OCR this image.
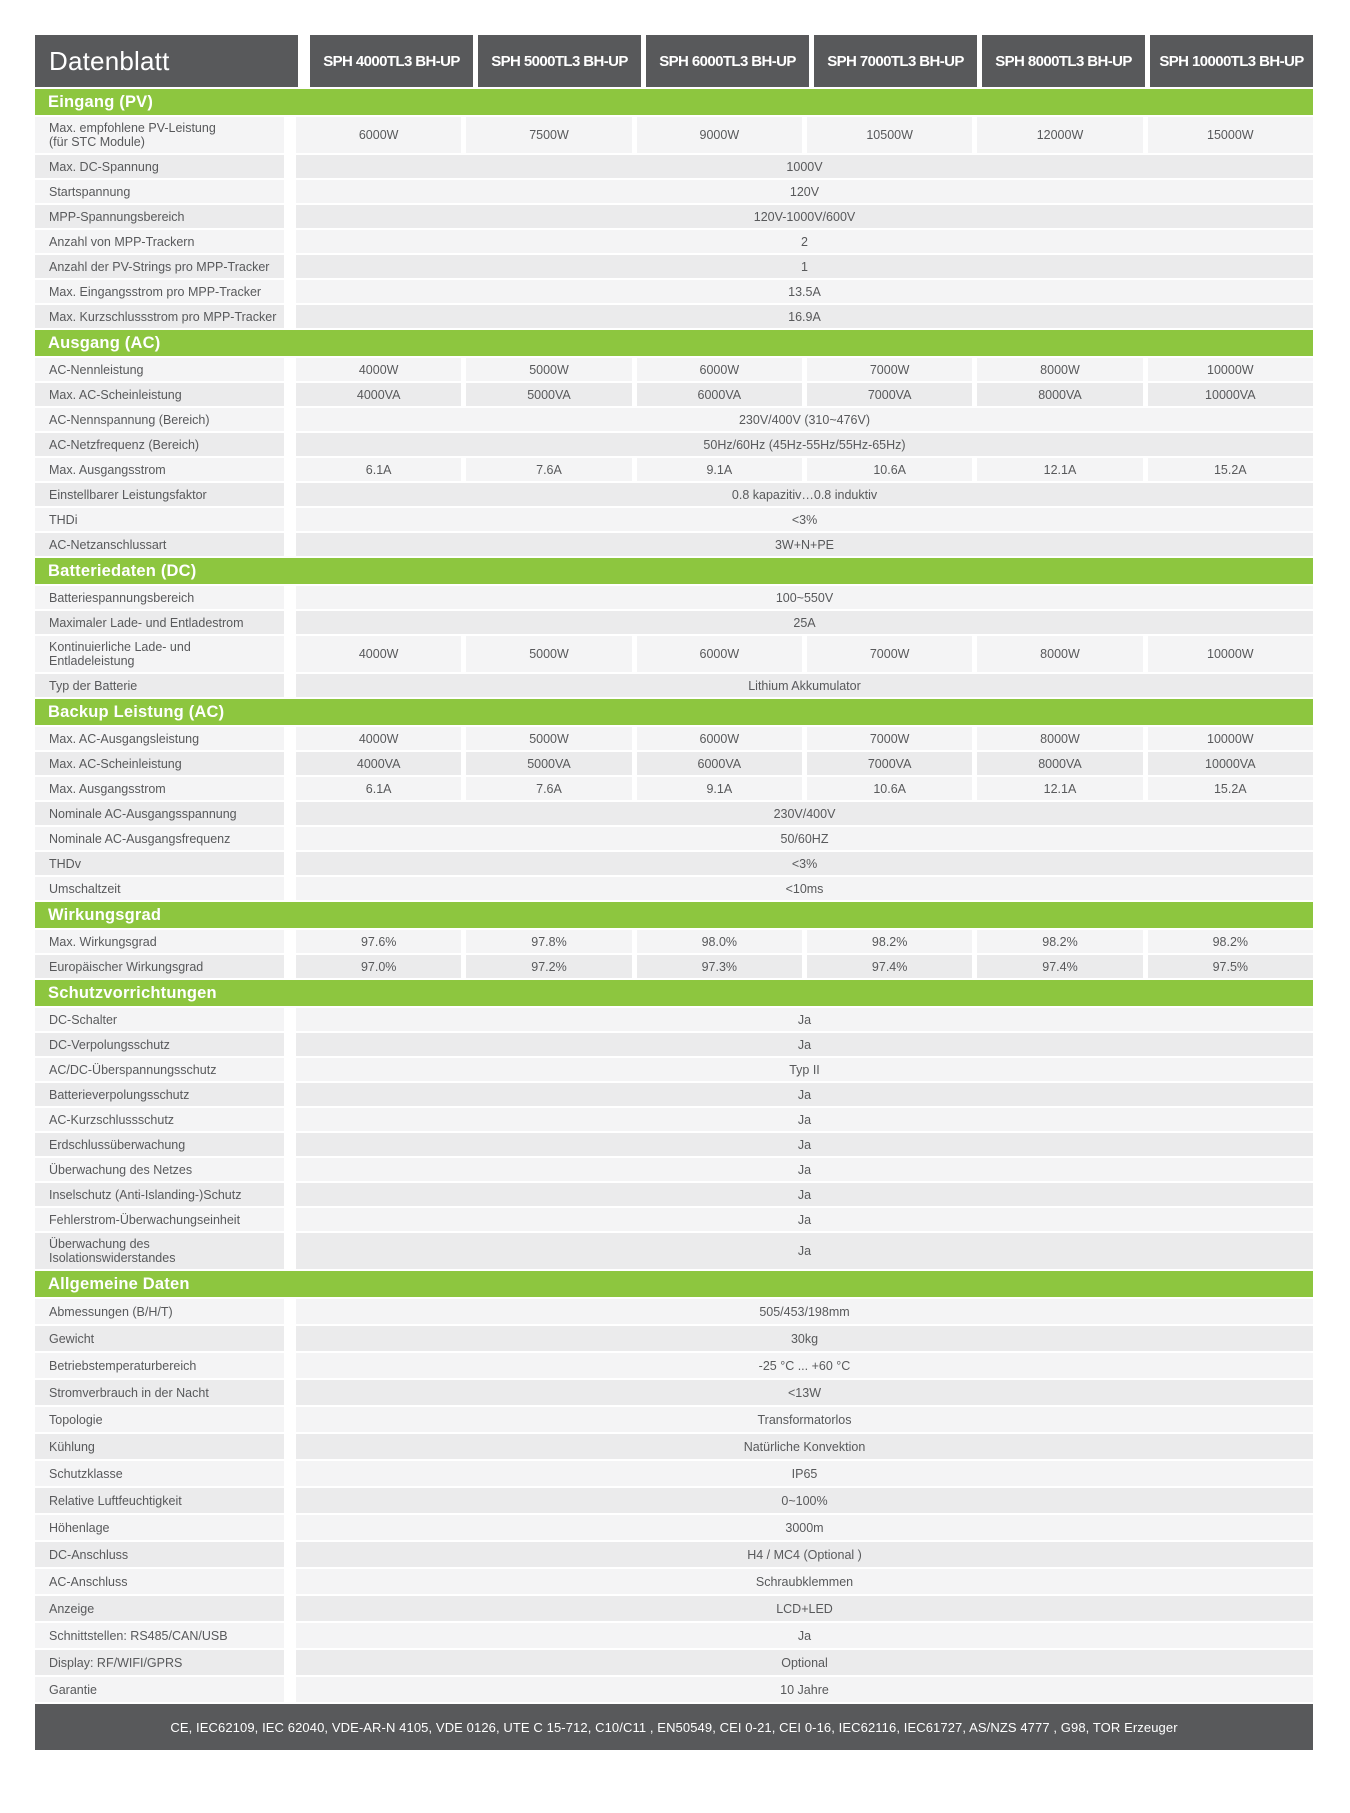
Datenblatt	SPH 4000TL3 BH-UP	SPH 5000TL3 BH-UP	SPH 6000TL3 BH-UP	SPH 7000TL3 BH-UP	SPH 8000TL3 BH-UP	SPH 10000TL3 BH-UP
Eingang (PV)
Max. empfohlene PV-Leistung
(für STC Module)	6000W	7500W	9000W	10500W	12000W	15000W
Max. DC-Spannung	1000V
Startspannung	120V
MPP-Spannungsbereich	120V-1000V/600V
Anzahl von MPP-Trackern	2
Anzahl der PV-Strings pro MPP-Tracker	1
Max. Eingangsstrom pro MPP-Tracker	13.5A
Max. Kurzschlussstrom pro MPP-Tracker	16.9A
Ausgang (AC)
AC-Nennleistung	4000W	5000W	6000W	7000W	8000W	10000W
Max. AC-Scheinleistung	4000VA	5000VA	6000VA	7000VA	8000VA	10000VA
AC-Nennspannung (Bereich)	230V/400V (310~476V)
AC-Netzfrequenz (Bereich)	50Hz/60Hz (45Hz-55Hz/55Hz-65Hz)
Max. Ausgangsstrom	6.1A	7.6A	9.1A	10.6A	12.1A	15.2A
Einstellbarer Leistungsfaktor	0.8 kapazitiv…0.8 induktiv
THDi	<3%
AC-Netzanschlussart	3W+N+PE
Batteriedaten (DC)
Batteriespannungsbereich	100~550V
Maximaler Lade- und Entladestrom	25A
Kontinuierliche Lade- und
Entladeleistung	4000W	5000W	6000W	7000W	8000W	10000W
Typ der Batterie	Lithium Akkumulator
Backup Leistung (AC)
Max. AC-Ausgangsleistung	4000W	5000W	6000W	7000W	8000W	10000W
Max. AC-Scheinleistung	4000VA	5000VA	6000VA	7000VA	8000VA	10000VA
Max. Ausgangsstrom	6.1A	7.6A	9.1A	10.6A	12.1A	15.2A
Nominale AC-Ausgangsspannung	230V/400V
Nominale AC-Ausgangsfrequenz	50/60HZ
THDv	<3%
Umschaltzeit	<10ms
Wirkungsgrad
Max. Wirkungsgrad	97.6%	97.8%	98.0%	98.2%	98.2%	98.2%
Europäischer Wirkungsgrad	97.0%	97.2%	97.3%	97.4%	97.4%	97.5%
Schutzvorrichtungen
DC-Schalter	Ja
DC-Verpolungsschutz	Ja
AC/DC-Überspannungsschutz	Typ II
Batterieverpolungsschutz	Ja
AC-Kurzschlussschutz	Ja
Erdschlussüberwachung	Ja
Überwachung des Netzes	Ja
Inselschutz (Anti-Islanding-)Schutz	Ja
Fehlerstrom-Überwachungseinheit	Ja
Überwachung des
Isolationswiderstandes	Ja
Allgemeine Daten
Abmessungen (B/H/T)	505/453/198mm
Gewicht	30kg
Betriebstemperaturbereich	-25 °C ... +60 °C
Stromverbrauch in der Nacht	<13W
Topologie	Transformatorlos
Kühlung	Natürliche Konvektion
Schutzklasse	IP65
Relative Luftfeuchtigkeit	0~100%
Höhenlage	3000m
DC-Anschluss	H4 / MC4 (Optional )
AC-Anschluss	Schraubklemmen
Anzeige	LCD+LED
Schnittstellen: RS485/CAN/USB	Ja
Display: RF/WIFI/GPRS	Optional
Garantie	10 Jahre
CE, IEC62109, IEC 62040, VDE-AR-N 4105, VDE 0126, UTE C 15-712, C10/C11 , EN50549, CEI 0-21, CEI 0-16, IEC62116, IEC61727, AS/NZS 4777 , G98, TOR Erzeuger
